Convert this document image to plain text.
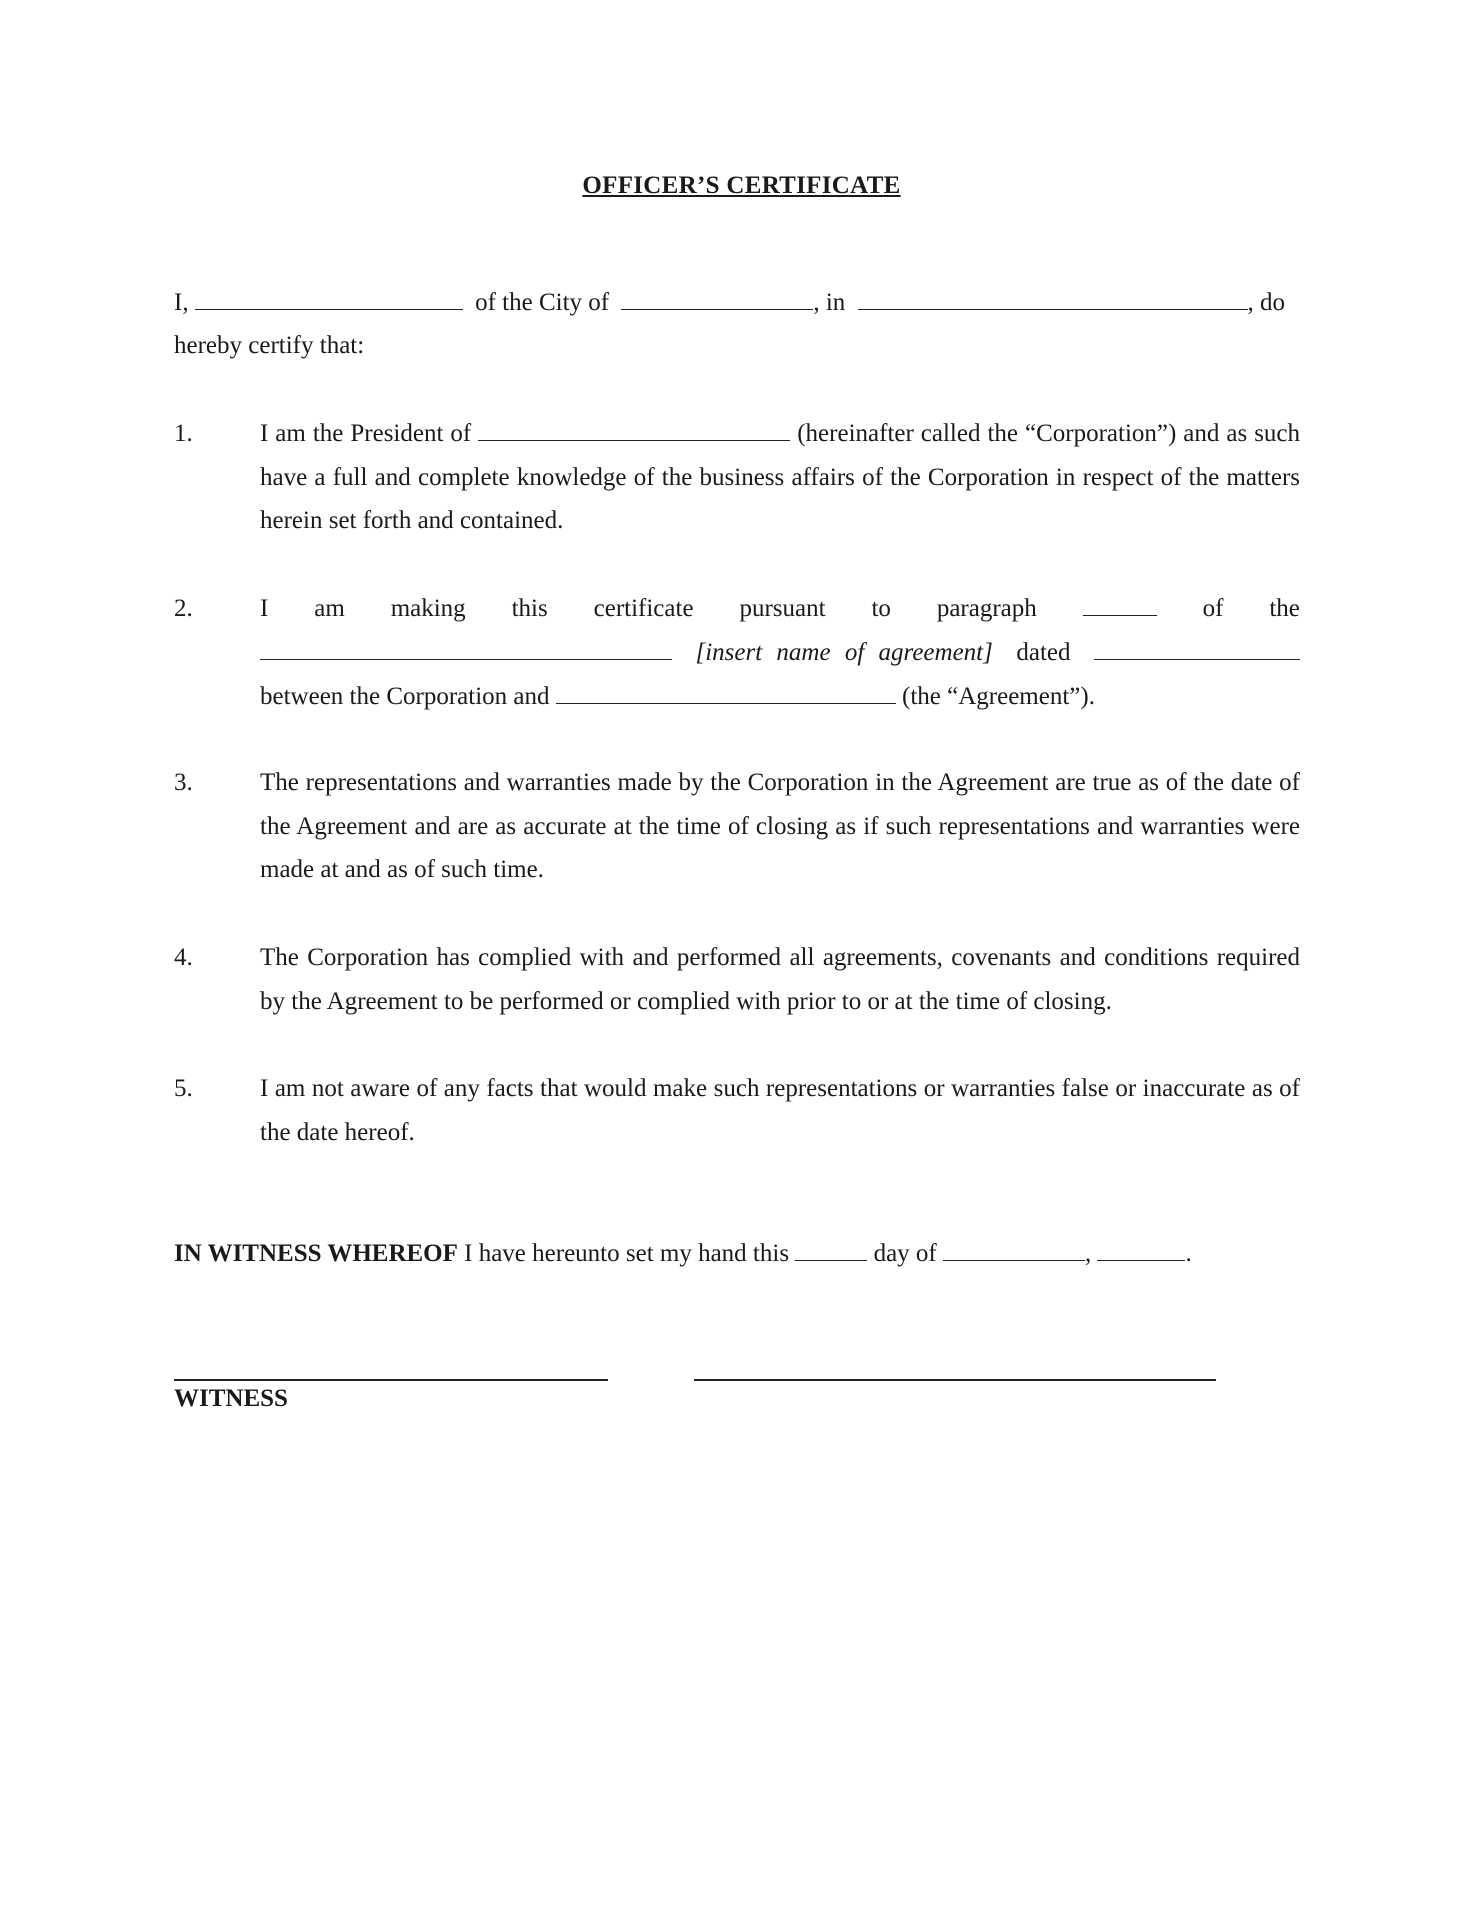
OFFICER’S CERTIFICATE
I,	of the City of	, in	, do
hereby certify that:
1.	I am the President of	(hereinafter called the “Corporation”) and as such have a full and complete knowledge of the business affairs of the Corporation in respect of the matters herein set forth and contained.
2.	I am making this certificate pursuant to paragraph	of the
[insert name of agreement] dated
between the Corporation and	(the “Agreement”).
3.	The representations and warranties made by the Corporation in the Agreement are true as of the date of the Agreement and are as accurate at the time of closing as if such representations and warranties were made at and as of such time.
4.	The Corporation has complied with and performed all agreements, covenants and conditions required by the Agreement to be performed or complied with prior to or at the time of closing.
5.	I am not aware of any facts that would make such representations or warranties false or inaccurate as of the date hereof.
IN WITNESS WHEREOF I have hereunto set my hand this	day of	,	.
WITNESS
